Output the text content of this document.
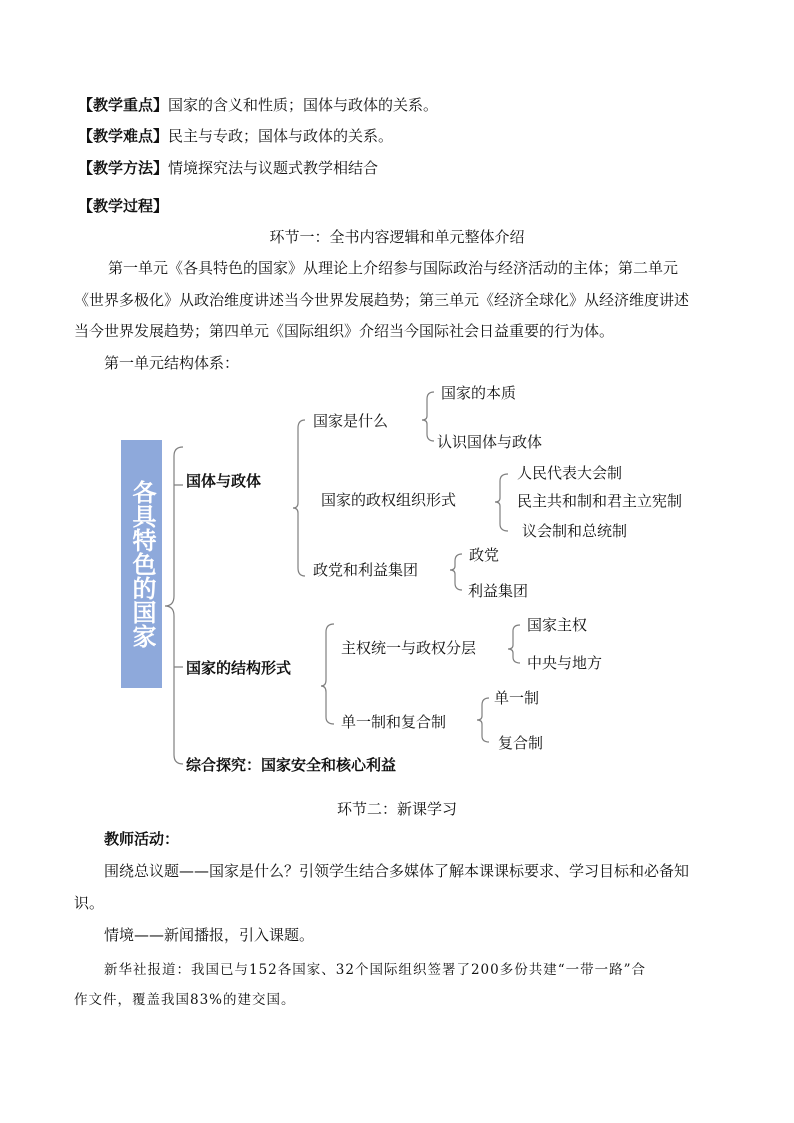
【教学重点】国家的含义和性质；国体与政体的关系。
【教学难点】民主与专政；国体与政体的关系。
【教学方法】情境探究法与议题式教学相结合
【教学过程】
环节一：全书内容逻辑和单元整体介绍
第一单元《各具特色的国家》从理论上介绍参与国际政治与经济活动的主体；第二单元
《世界多极化》从政治维度讲述当今世界发展趋势；第三单元《经济全球化》从经济维度讲述
当今世界发展趋势；第四单元《国际组织》介绍当今国际社会日益重要的行为体。
第一单元结构体系：
各具特色的国家 国体与政体
国家是什么
国家的本质
认识国体与政体
国家的政权组织形式
人民代表大会制
民主共和制和君主立宪制
议会制和总统制
政党和利益集团
政党
利益集团
国家的结构形式
主权统一与政权分层
国家主权
中央与地方
单一制和复合制
单一制
复合制
综合探究：国家安全和核心利益
环节二：新课学习
教师活动：
围绕总议题——国家是什么？引领学生结合多媒体了解本课课标要求、学习目标和必备知
识。
情境——新闻播报，引入课题。
新华社报道：我国已与152各国家、32个国际组织签署了200多份共建“一带一路”合
作文件，覆盖我国83%的建交国。
